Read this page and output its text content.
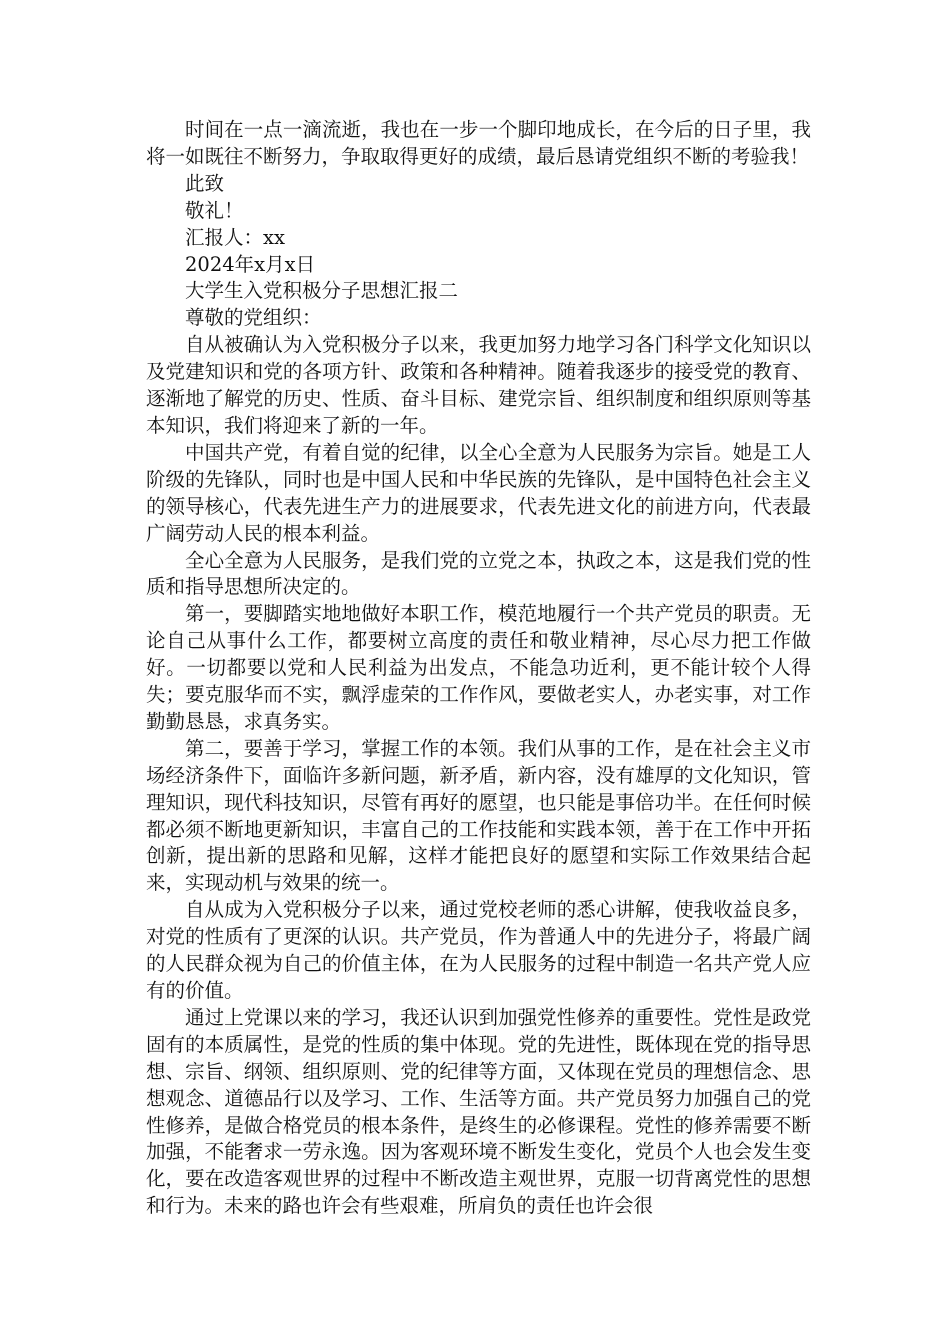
时间在一点一滴流逝，我也在一步一个脚印地成长，在今后的日子里，我将一如既往不断努力，争取取得更好的成绩，最后恳请党组织不断的考验我！

此致

敬礼！

汇报人：xx

2024年x月x日

大学生入党积极分子思想汇报二

尊敬的党组织：

自从被确认为入党积极分子以来，我更加努力地学习各门科学文化知识以及党建知识和党的各项方针、政策和各种精神。随着我逐步的接受党的教育、逐渐地了解党的历史、性质、奋斗目标、建党宗旨、组织制度和组织原则等基本知识，我们将迎来了新的一年。

中国共产党，有着自觉的纪律，以全心全意为人民服务为宗旨。她是工人阶级的先锋队，同时也是中国人民和中华民族的先锋队，是中国特色社会主义的领导核心，代表先进生产力的进展要求，代表先进文化的前进方向，代表最广阔劳动人民的根本利益。

全心全意为人民服务，是我们党的立党之本，执政之本，这是我们党的性质和指导思想所决定的。

第一，要脚踏实地地做好本职工作，模范地履行一个共产党员的职责。无论自己从事什么工作，都要树立高度的责任和敬业精神，尽心尽力把工作做好。一切都要以党和人民利益为出发点，不能急功近利，更不能计较个人得失；要克服华而不实，飘浮虚荣的工作作风，要做老实人，办老实事，对工作勤勤恳恳，求真务实。

第二，要善于学习，掌握工作的本领。我们从事的工作，是在社会主义市场经济条件下，面临许多新问题，新矛盾，新内容，没有雄厚的文化知识，管理知识，现代科技知识，尽管有再好的愿望，也只能是事倍功半。在任何时候都必须不断地更新知识，丰富自己的工作技能和实践本领，善于在工作中开拓创新，提出新的思路和见解，这样才能把良好的愿望和实际工作效果结合起来，实现动机与效果的统一。

自从成为入党积极分子以来，通过党校老师的悉心讲解，使我收益良多，对党的性质有了更深的认识。共产党员，作为普通人中的先进分子，将最广阔的人民群众视为自己的价值主体，在为人民服务的过程中制造一名共产党人应有的价值。

通过上党课以来的学习，我还认识到加强党性修养的重要性。党性是政党固有的本质属性，是党的性质的集中体现。党的先进性，既体现在党的指导思想、宗旨、纲领、组织原则、党的纪律等方面，又体现在党员的理想信念、思想观念、道德品行以及学习、工作、生活等方面。共产党员努力加强自己的党性修养，是做合格党员的根本条件，是终生的必修课程。党性的修养需要不断加强，不能奢求一劳永逸。因为客观环境不断发生变化，党员个人也会发生变化，要在改造客观世界的过程中不断改造主观世界，克服一切背离党性的思想和行为。未来的路也许会有些艰难，所肩负的责任也许会很
